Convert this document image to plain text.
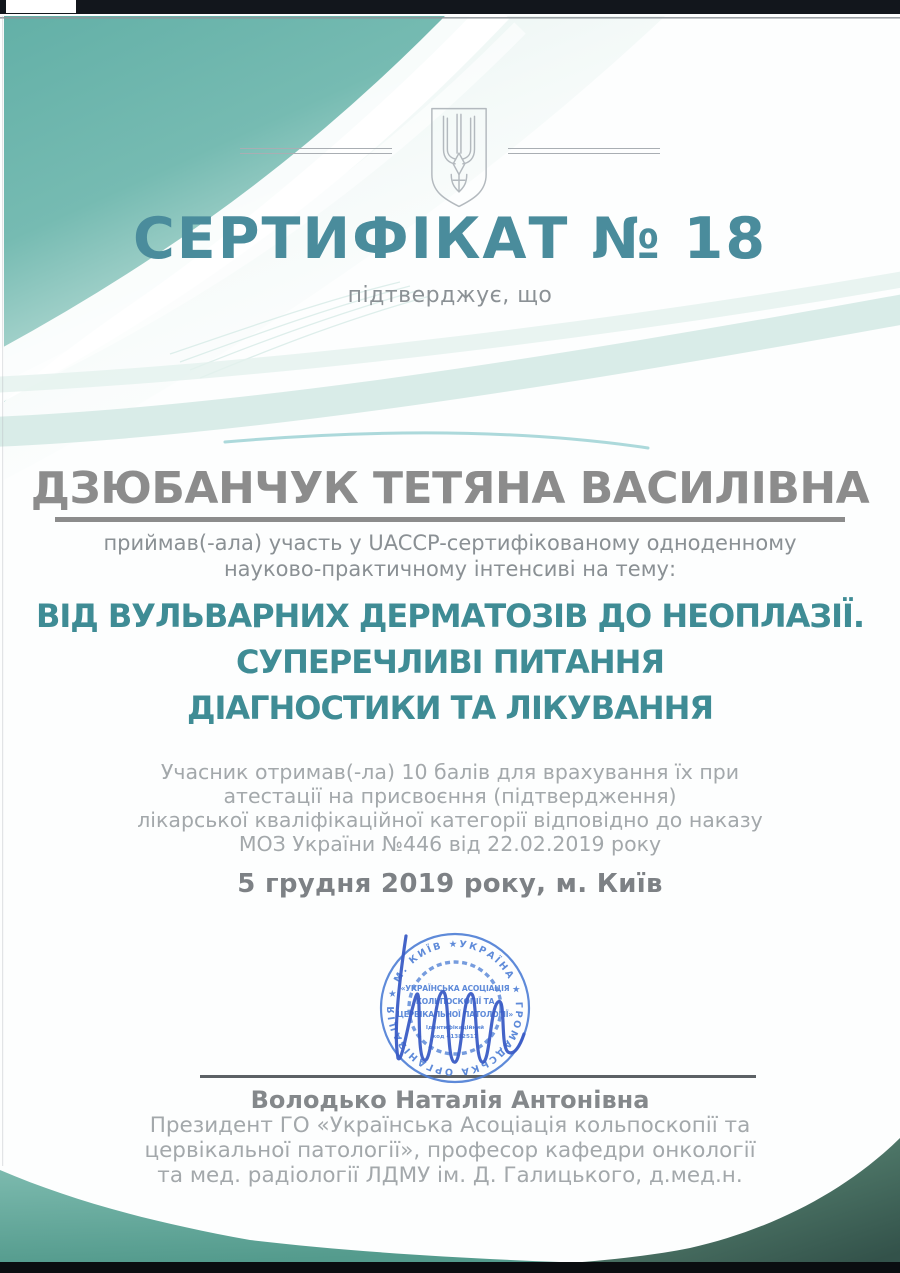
СЕРТИФІКАТ № 18
підтверджує, що
ДЗЮБАНЧУК ТЕТЯНА ВАСИЛІВНА
приймав(-ала) участь у UACCP-сертифікованому одноденному
науково-практичному інтенсиві на тему:
ВІД ВУЛЬВАРНИХ ДЕРМАТОЗІВ ДО НЕОПЛАЗІЇ.
СУПЕРЕЧЛИВІ ПИТАННЯ
ДІАГНОСТИКИ ТА ЛІКУВАННЯ
Учасник отримав(-ла) 10 балів для врахування їх при
атестації на присвоєння (підтвердження)
лікарської кваліфікаційної категорії відповідно до наказу
МОЗ України №446 від 22.02.2019 року
5 грудня 2019 року, м. Київ
УКРАЇНА ★ ГРОМАДСЬКА ОРГАНІЗАЦІЯ ★ М. КИЇВ ★
«УКРАЇНСЬКА АСОЦІАЦІЯ
КОЛЬПОСКОПІЇ ТА
ЦЕРВІКАЛЬНОЇ ПАТОЛОГІЇ»
Ідентифікаційний
код 41382517
Володько Наталія Антонівна
Президент ГО «Українська Асоціація кольпоскопії та
цервікальної патології», професор кафедри онкології
та мед. радіології ЛДМУ ім. Д. Галицького, д.мед.н.
